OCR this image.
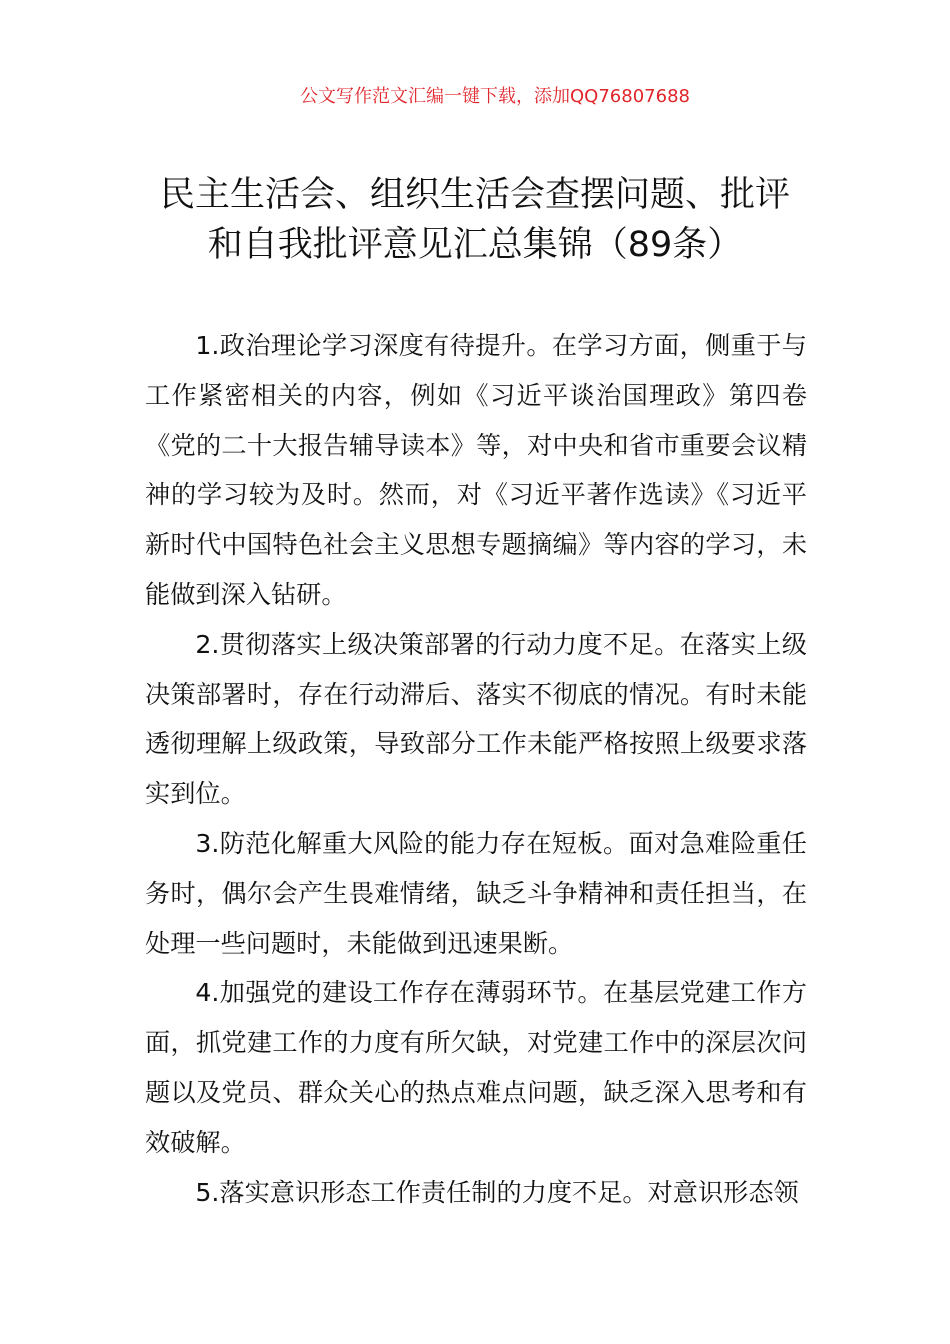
公文写作范文汇编一键下载，添加QQ76807688
民主生活会、组织生活会查摆问题、批评
和自我批评意见汇总集锦（89条）

1.政治理论学习深度有待提升。在学习方面，侧重于与工作紧密相关的内容，例如《习近平谈治国理政》第四卷《党的二十大报告辅导读本》等，对中央和省市重要会议精神的学习较为及时。然而，对《习近平著作选读》《习近平新时代中国特色社会主义思想专题摘编》等内容的学习，未能做到深入钻研。

2.贯彻落实上级决策部署的行动力度不足。在落实上级决策部署时，存在行动滞后、落实不彻底的情况。有时未能透彻理解上级政策，导致部分工作未能严格按照上级要求落实到位。

3.防范化解重大风险的能力存在短板。面对急难险重任务时，偶尔会产生畏难情绪，缺乏斗争精神和责任担当，在处理一些问题时，未能做到迅速果断。

4.加强党的建设工作存在薄弱环节。在基层党建工作方面，抓党建工作的力度有所欠缺，对党建工作中的深层次问题以及党员、群众关心的热点难点问题，缺乏深入思考和有效破解。

5.落实意识形态工作责任制的力度不足。对意识形态领
